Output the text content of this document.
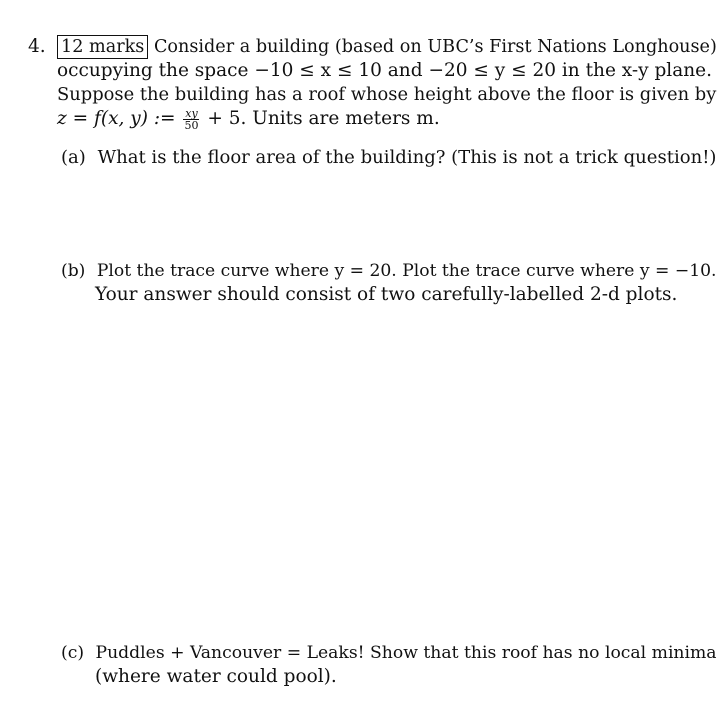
4. 12 marks Consider a building (based on UBC’s First Nations Longhouse)
occupying the space −10 ≤ x ≤ 10 and −20 ≤ y ≤ 20 in the x-y plane.
Suppose the building has a roof whose height above the floor is given by
z = f(x, y) := $\frac{xy}{50} + 5$. Units are meters m.
(a) What is the floor area of the building? (This is not a trick question!)
(b) Plot the trace curve where y = 20. Plot the trace curve where y = −10.
Your answer should consist of two carefully-labelled 2-d plots.
(c) Puddles + Vancouver = Leaks! Show that this roof has no local minima
(where water could pool).
